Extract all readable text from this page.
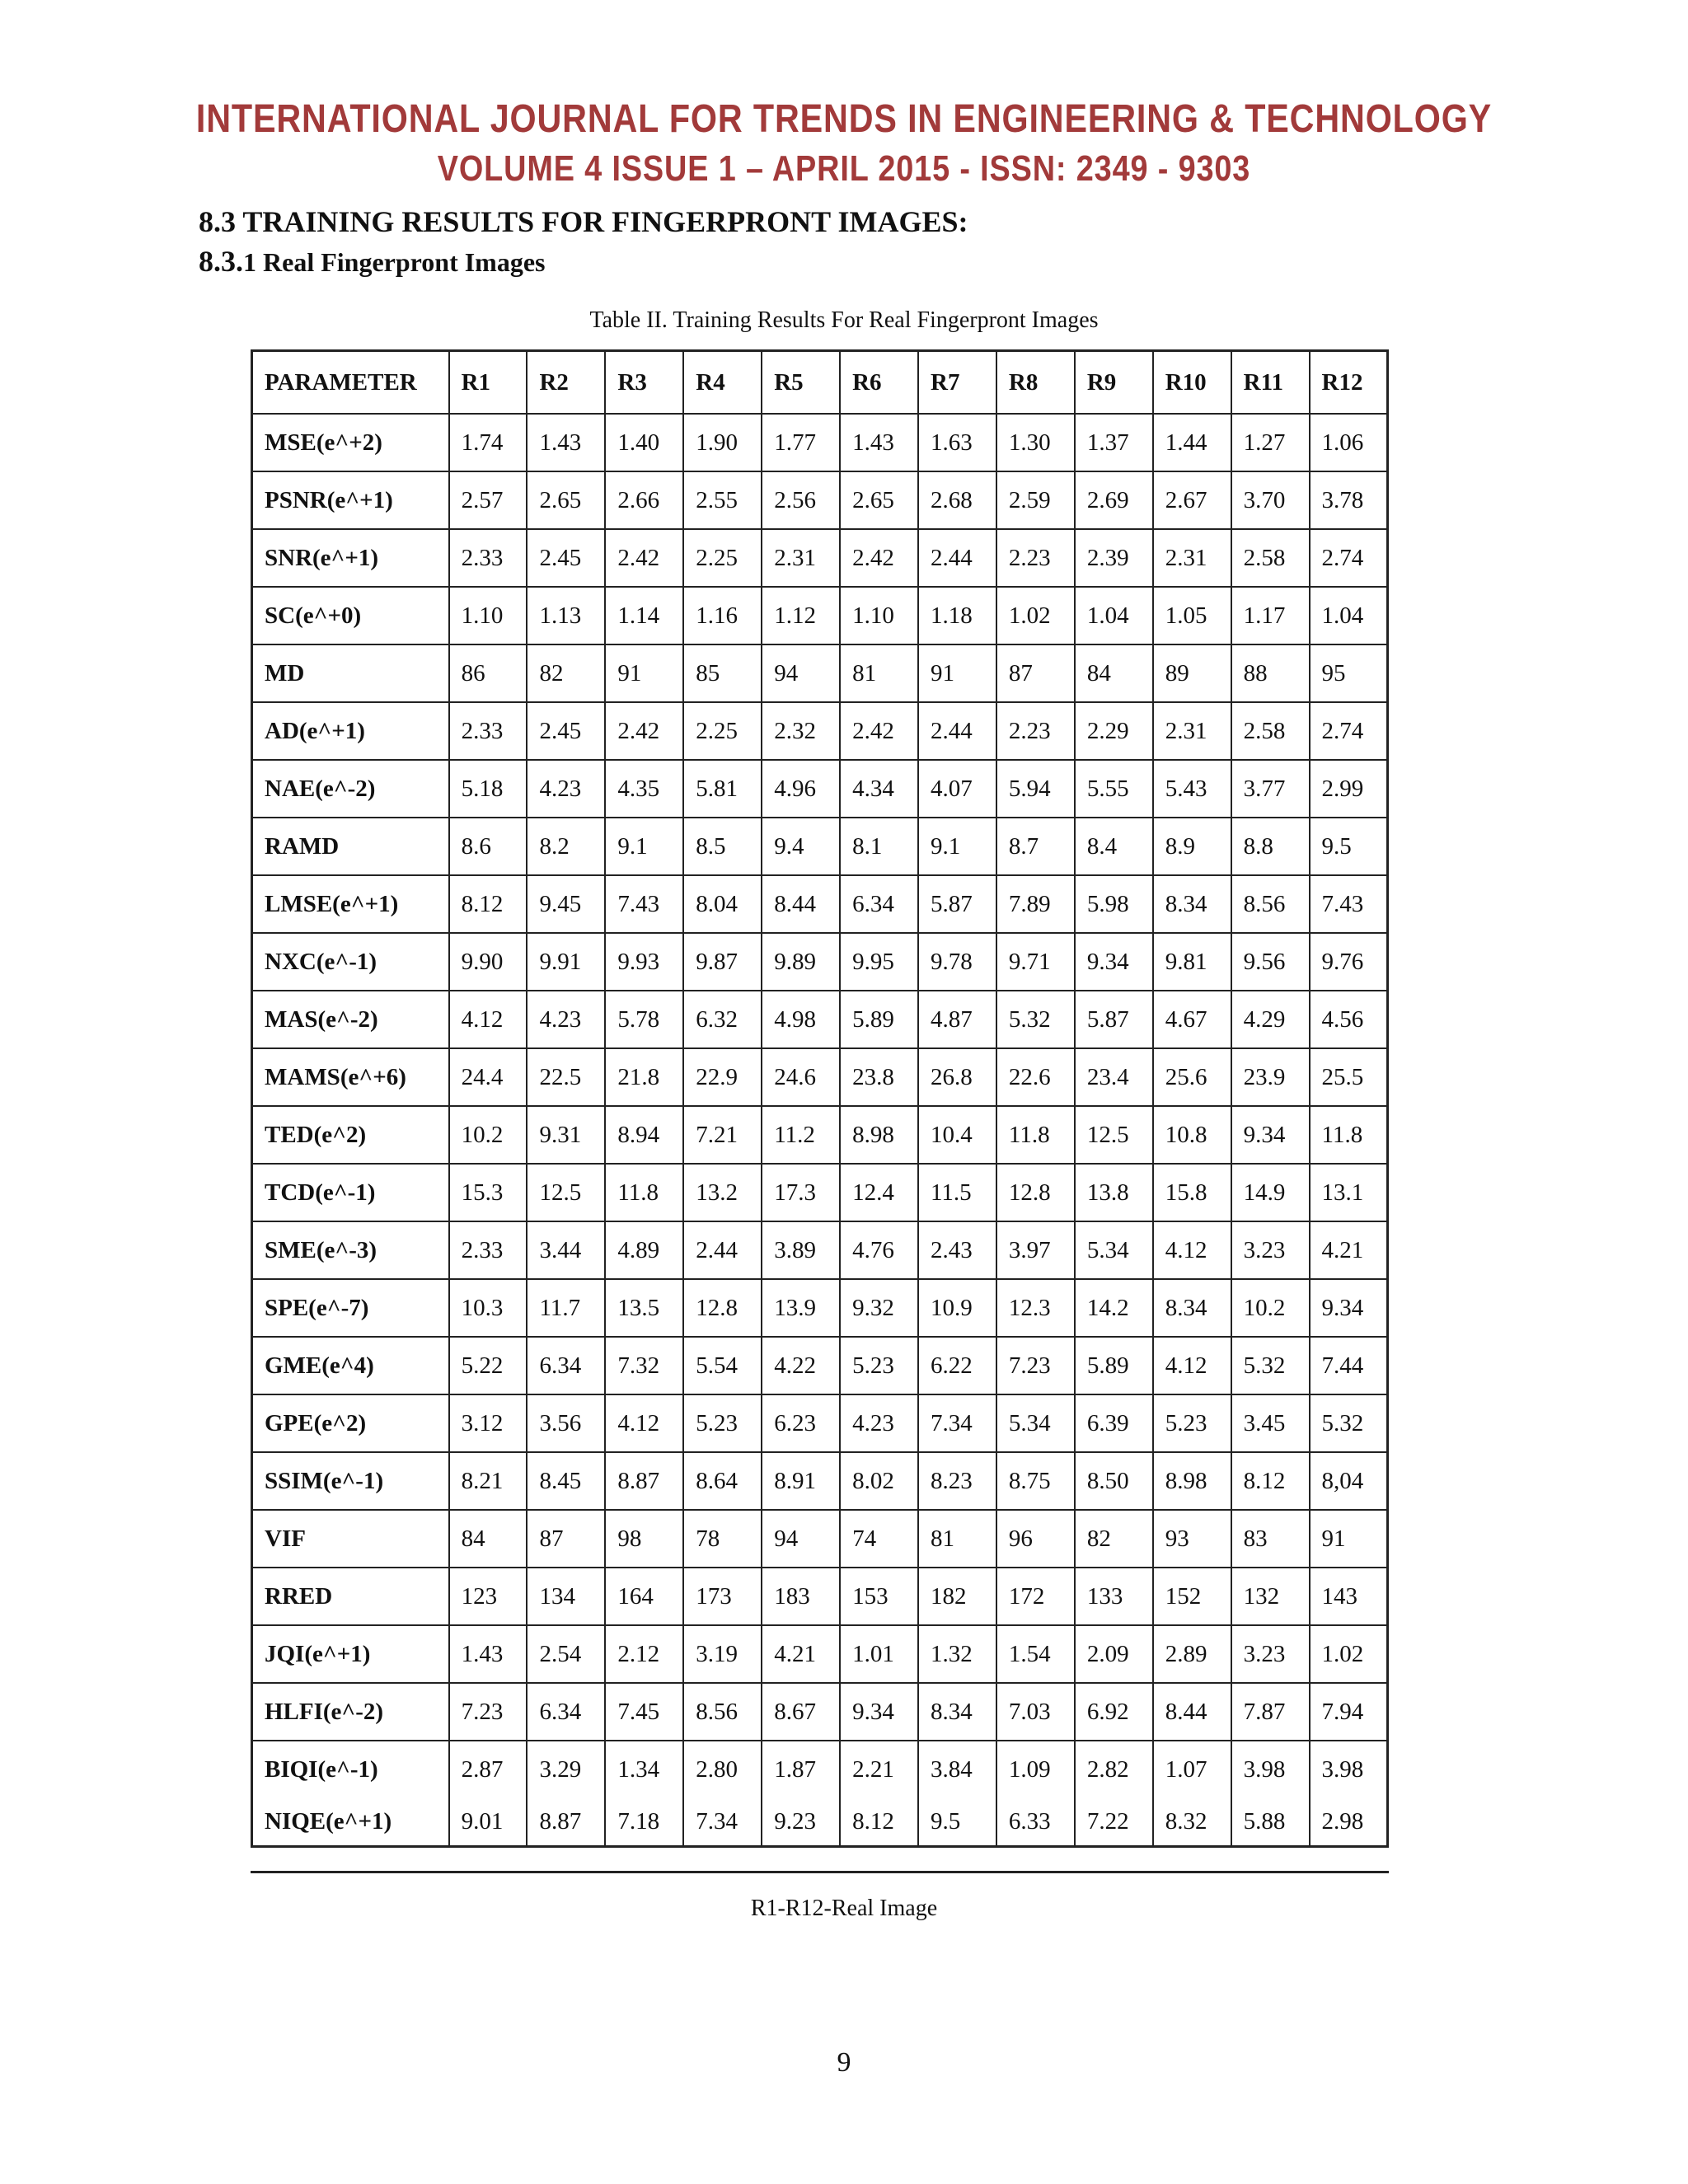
INTERNATIONAL JOURNAL FOR TRENDS IN ENGINEERING & TECHNOLOGY
VOLUME 4 ISSUE 1 – APRIL 2015 - ISSN: 2349 - 9303
8.3 TRAINING RESULTS FOR FINGERPRONT IMAGES:
8.3.1 Real Fingerpront Images
Table II. Training Results For Real Fingerpront Images
PARAMETER	R1	R2	R3	R4	R5	R6	R7	R8	R9	R10	R11	R12
MSE(e^+2)	1.74	1.43	1.40	1.90	1.77	1.43	1.63	1.30	1.37	1.44	1.27	1.06
PSNR(e^+1)	2.57	2.65	2.66	2.55	2.56	2.65	2.68	2.59	2.69	2.67	3.70	3.78
SNR(e^+1)	2.33	2.45	2.42	2.25	2.31	2.42	2.44	2.23	2.39	2.31	2.58	2.74
SC(e^+0)	1.10	1.13	1.14	1.16	1.12	1.10	1.18	1.02	1.04	1.05	1.17	1.04
MD	86	82	91	85	94	81	91	87	84	89	88	95
AD(e^+1)	2.33	2.45	2.42	2.25	2.32	2.42	2.44	2.23	2.29	2.31	2.58	2.74
NAE(e^-2)	5.18	4.23	4.35	5.81	4.96	4.34	4.07	5.94	5.55	5.43	3.77	2.99
RAMD	8.6	8.2	9.1	8.5	9.4	8.1	9.1	8.7	8.4	8.9	8.8	9.5
LMSE(e^+1)	8.12	9.45	7.43	8.04	8.44	6.34	5.87	7.89	5.98	8.34	8.56	7.43
NXC(e^-1)	9.90	9.91	9.93	9.87	9.89	9.95	9.78	9.71	9.34	9.81	9.56	9.76
MAS(e^-2)	4.12	4.23	5.78	6.32	4.98	5.89	4.87	5.32	5.87	4.67	4.29	4.56
MAMS(e^+6)	24.4	22.5	21.8	22.9	24.6	23.8	26.8	22.6	23.4	25.6	23.9	25.5
TED(e^2)	10.2	9.31	8.94	7.21	11.2	8.98	10.4	11.8	12.5	10.8	9.34	11.8
TCD(e^-1)	15.3	12.5	11.8	13.2	17.3	12.4	11.5	12.8	13.8	15.8	14.9	13.1
SME(e^-3)	2.33	3.44	4.89	2.44	3.89	4.76	2.43	3.97	5.34	4.12	3.23	4.21
SPE(e^-7)	10.3	11.7	13.5	12.8	13.9	9.32	10.9	12.3	14.2	8.34	10.2	9.34
GME(e^4)	5.22	6.34	7.32	5.54	4.22	5.23	6.22	7.23	5.89	4.12	5.32	7.44
GPE(e^2)	3.12	3.56	4.12	5.23	6.23	4.23	7.34	5.34	6.39	5.23	3.45	5.32
SSIM(e^-1)	8.21	8.45	8.87	8.64	8.91	8.02	8.23	8.75	8.50	8.98	8.12	8,04
VIF	84	87	98	78	94	74	81	96	82	93	83	91
RRED	123	134	164	173	183	153	182	172	133	152	132	143
JQI(e^+1)	1.43	2.54	2.12	3.19	4.21	1.01	1.32	1.54	2.09	2.89	3.23	1.02
HLFI(e^-2)	7.23	6.34	7.45	8.56	8.67	9.34	8.34	7.03	6.92	8.44	7.87	7.94
BIQI(e^-1)	2.87	3.29	1.34	2.80	1.87	2.21	3.84	1.09	2.82	1.07	3.98	3.98
NIQE(e^+1)	9.01	8.87	7.18	7.34	9.23	8.12	9.5	6.33	7.22	8.32	5.88	2.98
R1-R12-Real Image
9
